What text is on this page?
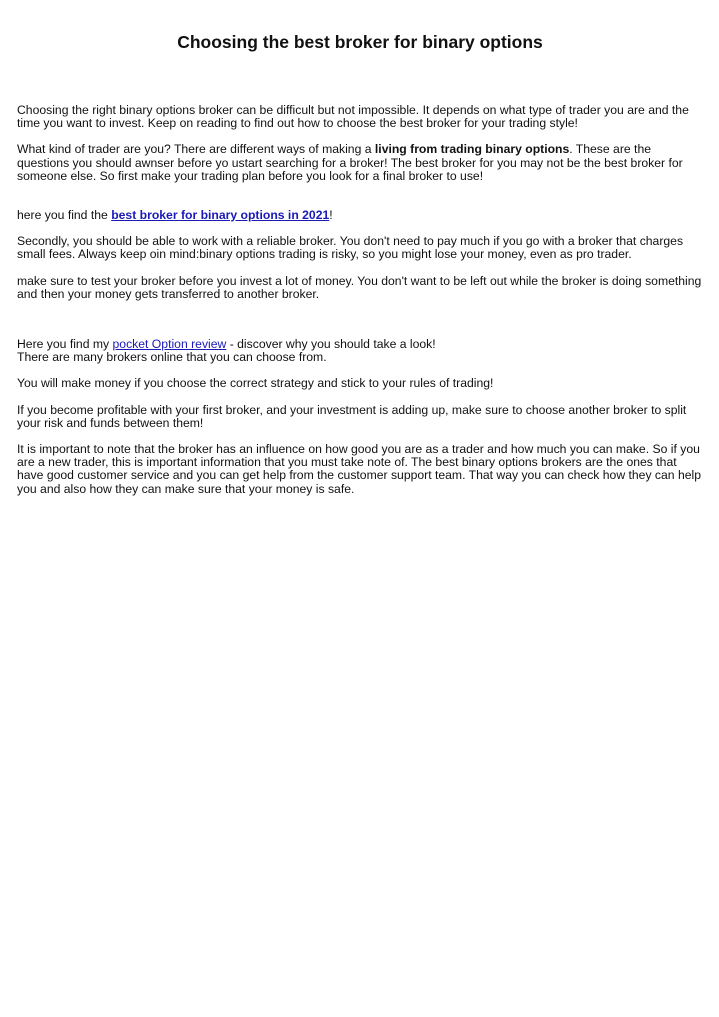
Choosing the best broker for binary options

Choosing the right binary options broker can be difficult but not impossible. It depends on what type of trader you are and the time you want to invest. Keep on reading to find out how to choose the best broker for your trading style!

What kind of trader are you? There are different ways of making a living from trading binary options. These are the questions you should awnser before yo ustart searching for a broker! The best broker for you may not be the best broker for someone else. So first make your trading plan before you look for a final broker to use!

here you find the best broker for binary options in 2021!

Secondly, you should be able to work with a reliable broker. You don't need to pay much if you go with a broker that charges small fees. Always keep oin mind:binary options trading is risky, so you might lose your money, even as pro trader.

make sure to test your broker before you invest a lot of money. You don't want to be left out while the broker is doing something and then your money gets transferred to another broker.

Here you find my pocket Option review - discover why you should take a look!
There are many brokers online that you can choose from.

You will make money if you choose the correct strategy and stick to your rules of trading!

If you become profitable with your first broker, and your investment is adding up, make sure to choose another broker to split your risk and funds between them!

It is important to note that the broker has an influence on how good you are as a trader and how much you can make. So if you are a new trader, this is important information that you must take note of. The best binary options brokers are the ones that have good customer service and you can get help from the customer support team. That way you can check how they can help you and also how they can make sure that your money is safe.
